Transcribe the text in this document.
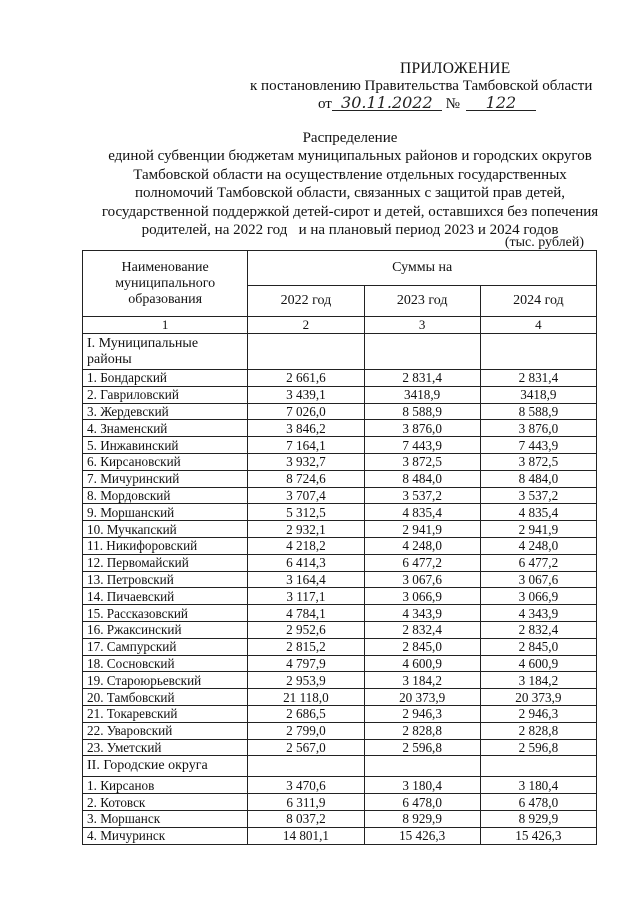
ПРИЛОЖЕНИЕ
к постановлению Правительства Тамбовской области
от 30.11.2022 № 122
Распределение
единой субвенции бюджетам муниципальных районов и городских округов
Тамбовской области на осуществление отдельных государственных
полномочий Тамбовской области, связанных с защитой прав детей,
государственной поддержкой детей-сирот и детей, оставшихся без попечения
родителей, на 2022 год   и на плановый период 2023 и 2024 годов
(тыс. рублей)
Наименование муниципального образования	Суммы на		
	2022 год	2023 год	2024 год
1	2	3	4
I. Муниципальные районы			
1. Бондарский	2 661,6	2 831,4	2 831,4
2. Гавриловский	3 439,1	3418,9	3418,9
3. Жердевский	7 026,0	8 588,9	8 588,9
4. Знаменский	3 846,2	3 876,0	3 876,0
5. Инжавинский	7 164,1	7 443,9	7 443,9
6. Кирсановский	3 932,7	3 872,5	3 872,5
7. Мичуринский	8 724,6	8 484,0	8 484,0
8. Мордовский	3 707,4	3 537,2	3 537,2
9. Моршанский	5 312,5	4 835,4	4 835,4
10. Мучкапский	2 932,1	2 941,9	2 941,9
11. Никифоровский	4 218,2	4 248,0	4 248,0
12. Первомайский	6 414,3	6 477,2	6 477,2
13. Петровский	3 164,4	3 067,6	3 067,6
14. Пичаевский	3 117,1	3 066,9	3 066,9
15. Рассказовский	4 784,1	4 343,9	4 343,9
16. Ржаксинский	2 952,6	2 832,4	2 832,4
17. Сампурский	2 815,2	2 845,0	2 845,0
18. Сосновский	4 797,9	4 600,9	4 600,9
19. Староюрьевский	2 953,9	3 184,2	3 184,2
20. Тамбовский	21 118,0	20 373,9	20 373,9
21. Токаревский	2 686,5	2 946,3	2 946,3
22. Уваровский	2 799,0	2 828,8	2 828,8
23. Уметский	2 567,0	2 596,8	2 596,8
II. Городские округа			
1. Кирсанов	3 470,6	3 180,4	3 180,4
2. Котовск	6 311,9	6 478,0	6 478,0
3. Моршанск	8 037,2	8 929,9	8 929,9
4. Мичуринск	14 801,1	15 426,3	15 426,3
